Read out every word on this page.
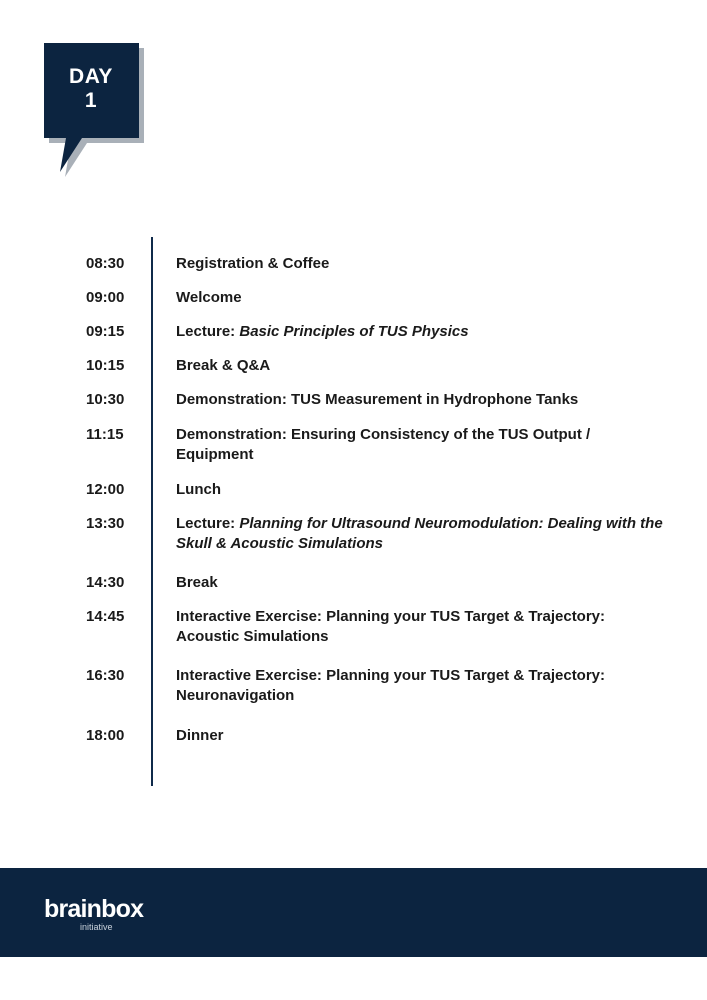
DAY
1
08:30	Registration & Coffee
09:00	Welcome
09:15	Lecture: Basic Principles of TUS Physics
10:15	Break & Q&A
10:30	Demonstration: TUS Measurement in Hydrophone Tanks
11:15	Demonstration: Ensuring Consistency of the TUS Output / Equipment
12:00	Lunch
13:30	Lecture: Planning for Ultrasound Neuromodulation: Dealing with the Skull & Acoustic Simulations
14:30	Break
14:45	Interactive Exercise: Planning your TUS Target & Trajectory: Acoustic Simulations
16:30	Interactive Exercise: Planning your TUS Target & Trajectory: Neuronavigation
18:00	Dinner
brainbox
initiative
